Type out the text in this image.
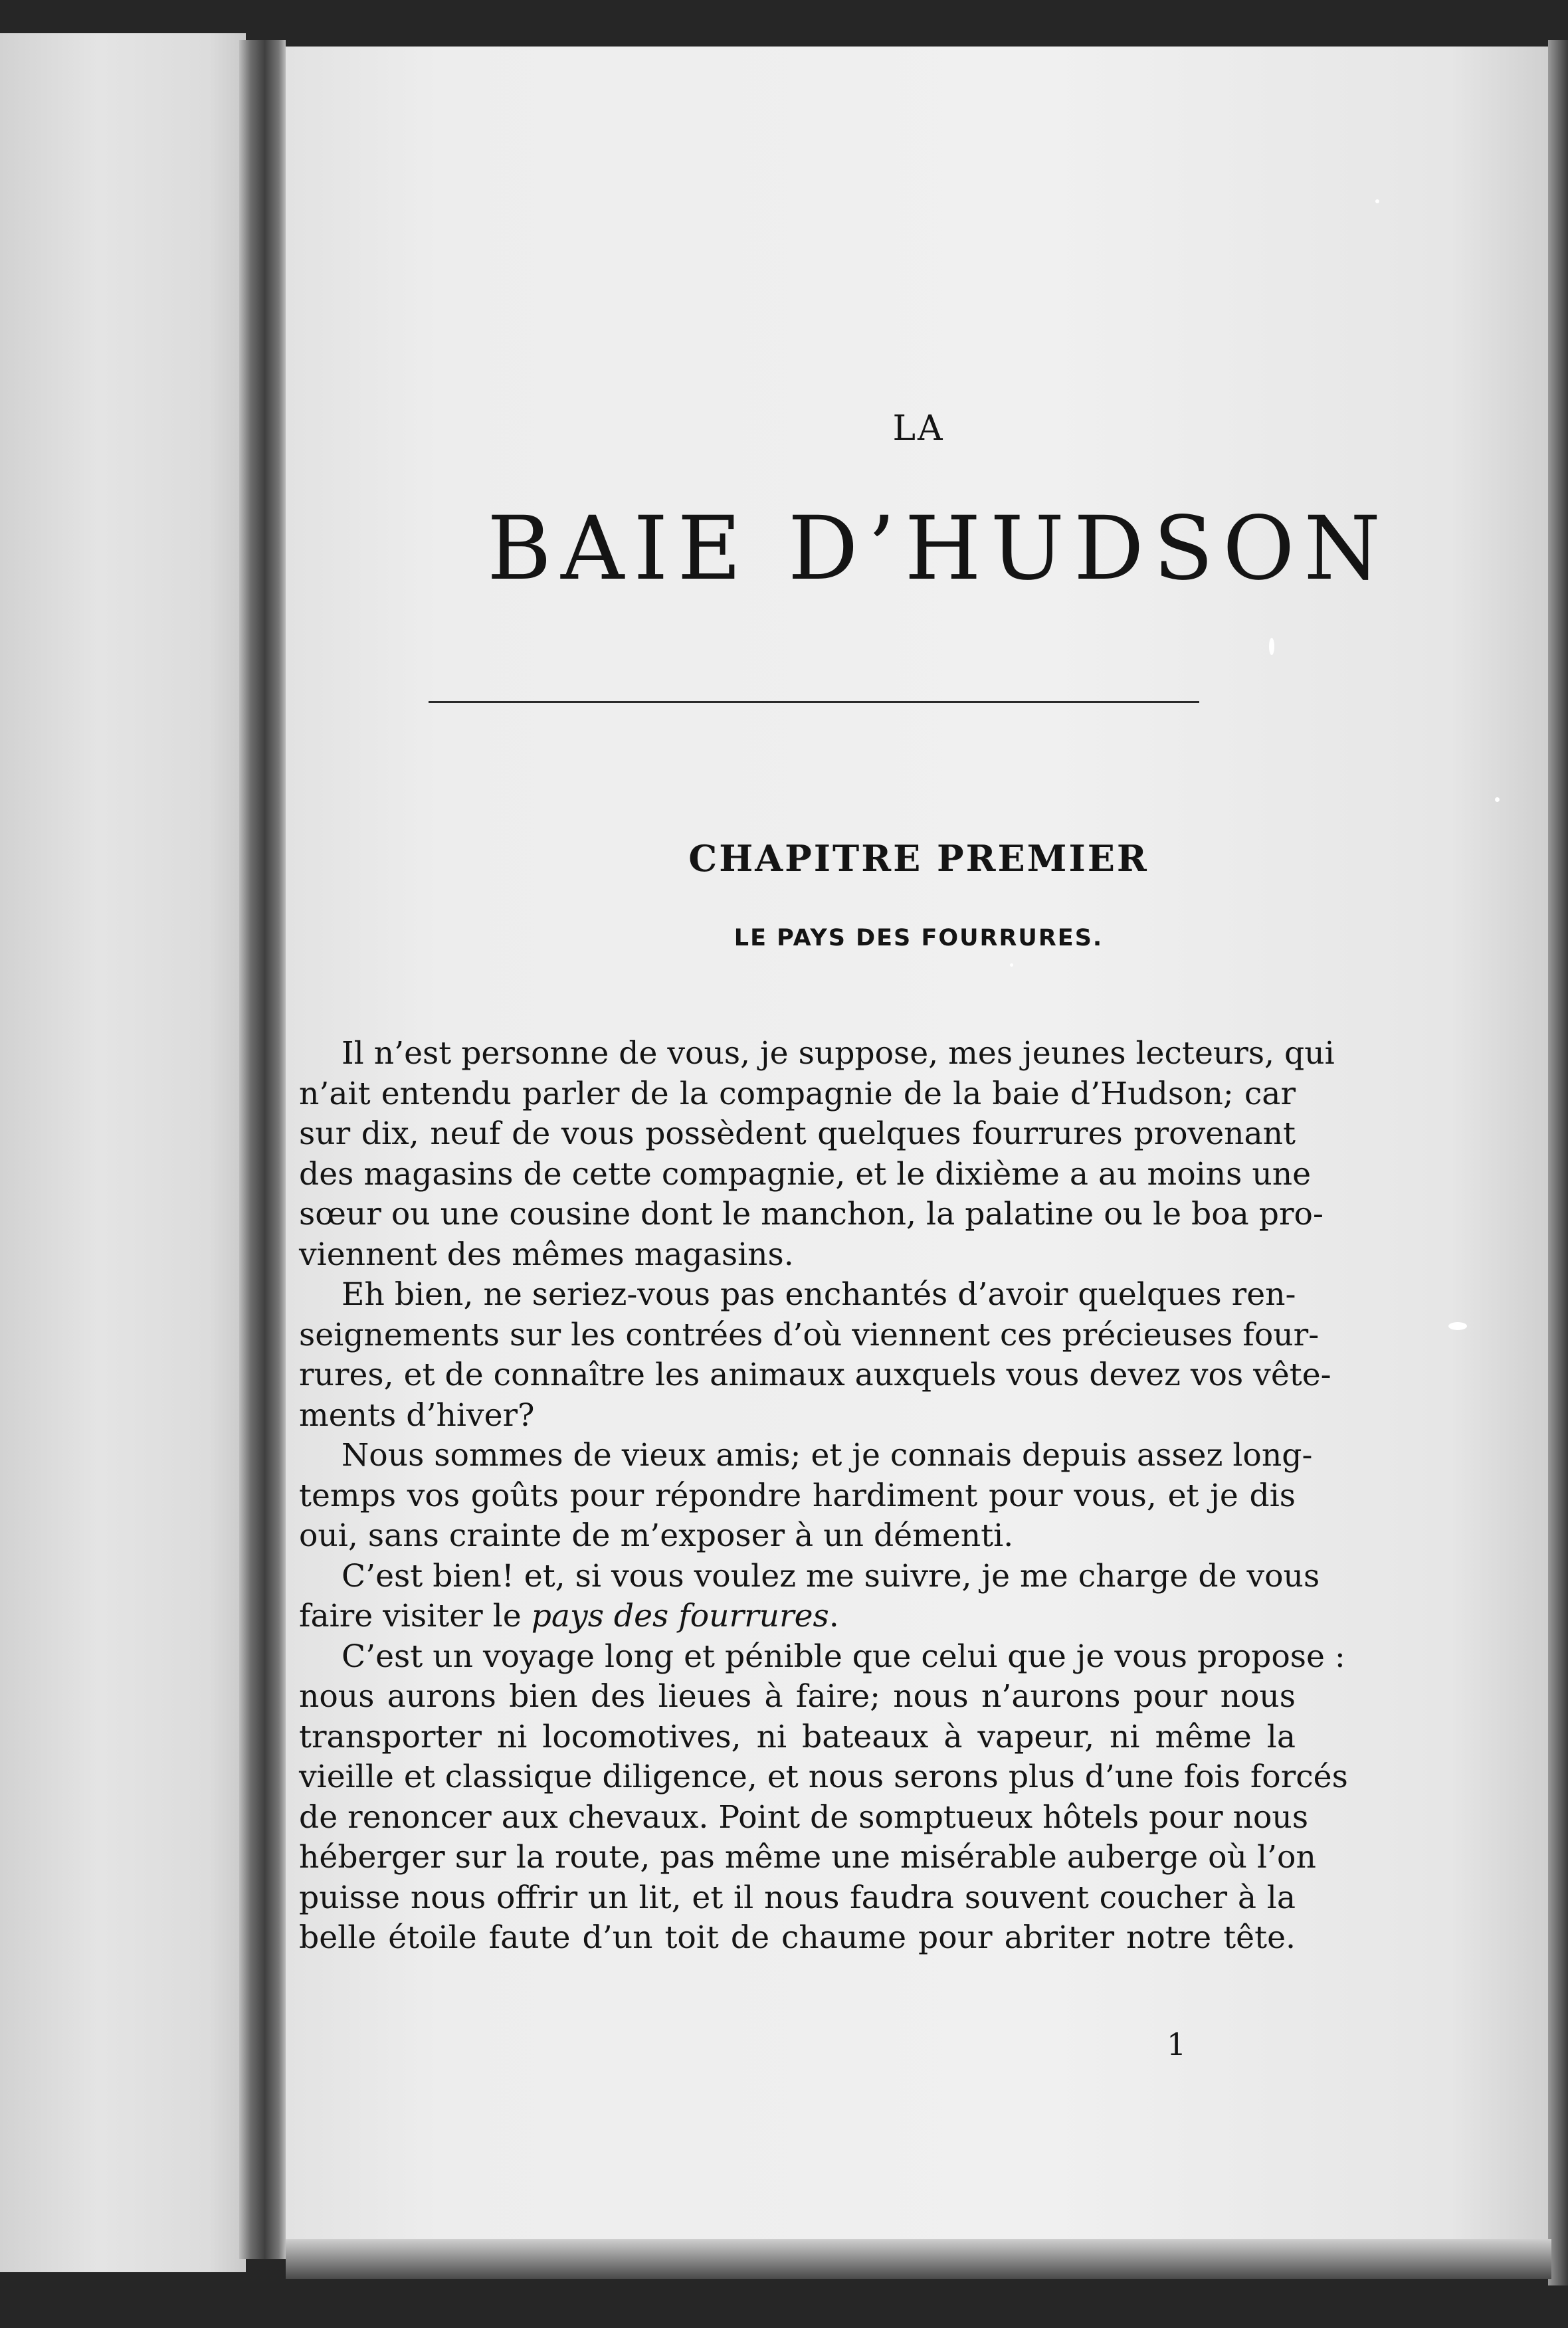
LA
BAIE D’HUDSON
CHAPITRE PREMIER
LE PAYS DES FOURRURES.

Il n’est personne de vous, je suppose, mes jeunes lecteurs, qui
n’ait entendu parler de la compagnie de la baie d’Hudson; car
sur dix, neuf de vous possèdent quelques fourrures provenant
des magasins de cette compagnie, et le dixième a au moins une
sœur ou une cousine dont le manchon, la palatine ou le boa pro-
viennent des mêmes magasins.

Eh bien, ne seriez-vous pas enchantés d’avoir quelques ren-
seignements sur les contrées d’où viennent ces précieuses four-
rures, et de connaître les animaux auxquels vous devez vos vête-
ments d’hiver?

Nous sommes de vieux amis; et je connais depuis assez long-
temps vos goûts pour répondre hardiment pour vous, et je dis
oui, sans crainte de m’exposer à un démenti.

C’est bien! et, si vous voulez me suivre, je me charge de vous
faire visiter le pays des fourrures.

C’est un voyage long et pénible que celui que je vous propose :
nous aurons bien des lieues à faire; nous n’aurons pour nous
transporter ni locomotives, ni bateaux à vapeur, ni même la
vieille et classique diligence, et nous serons plus d’une fois forcés
de renoncer aux chevaux. Point de somptueux hôtels pour nous
héberger sur la route, pas même une misérable auberge où l’on
puisse nous offrir un lit, et il nous faudra souvent coucher à la
belle étoile faute d’un toit de chaume pour abriter notre tête.

1
